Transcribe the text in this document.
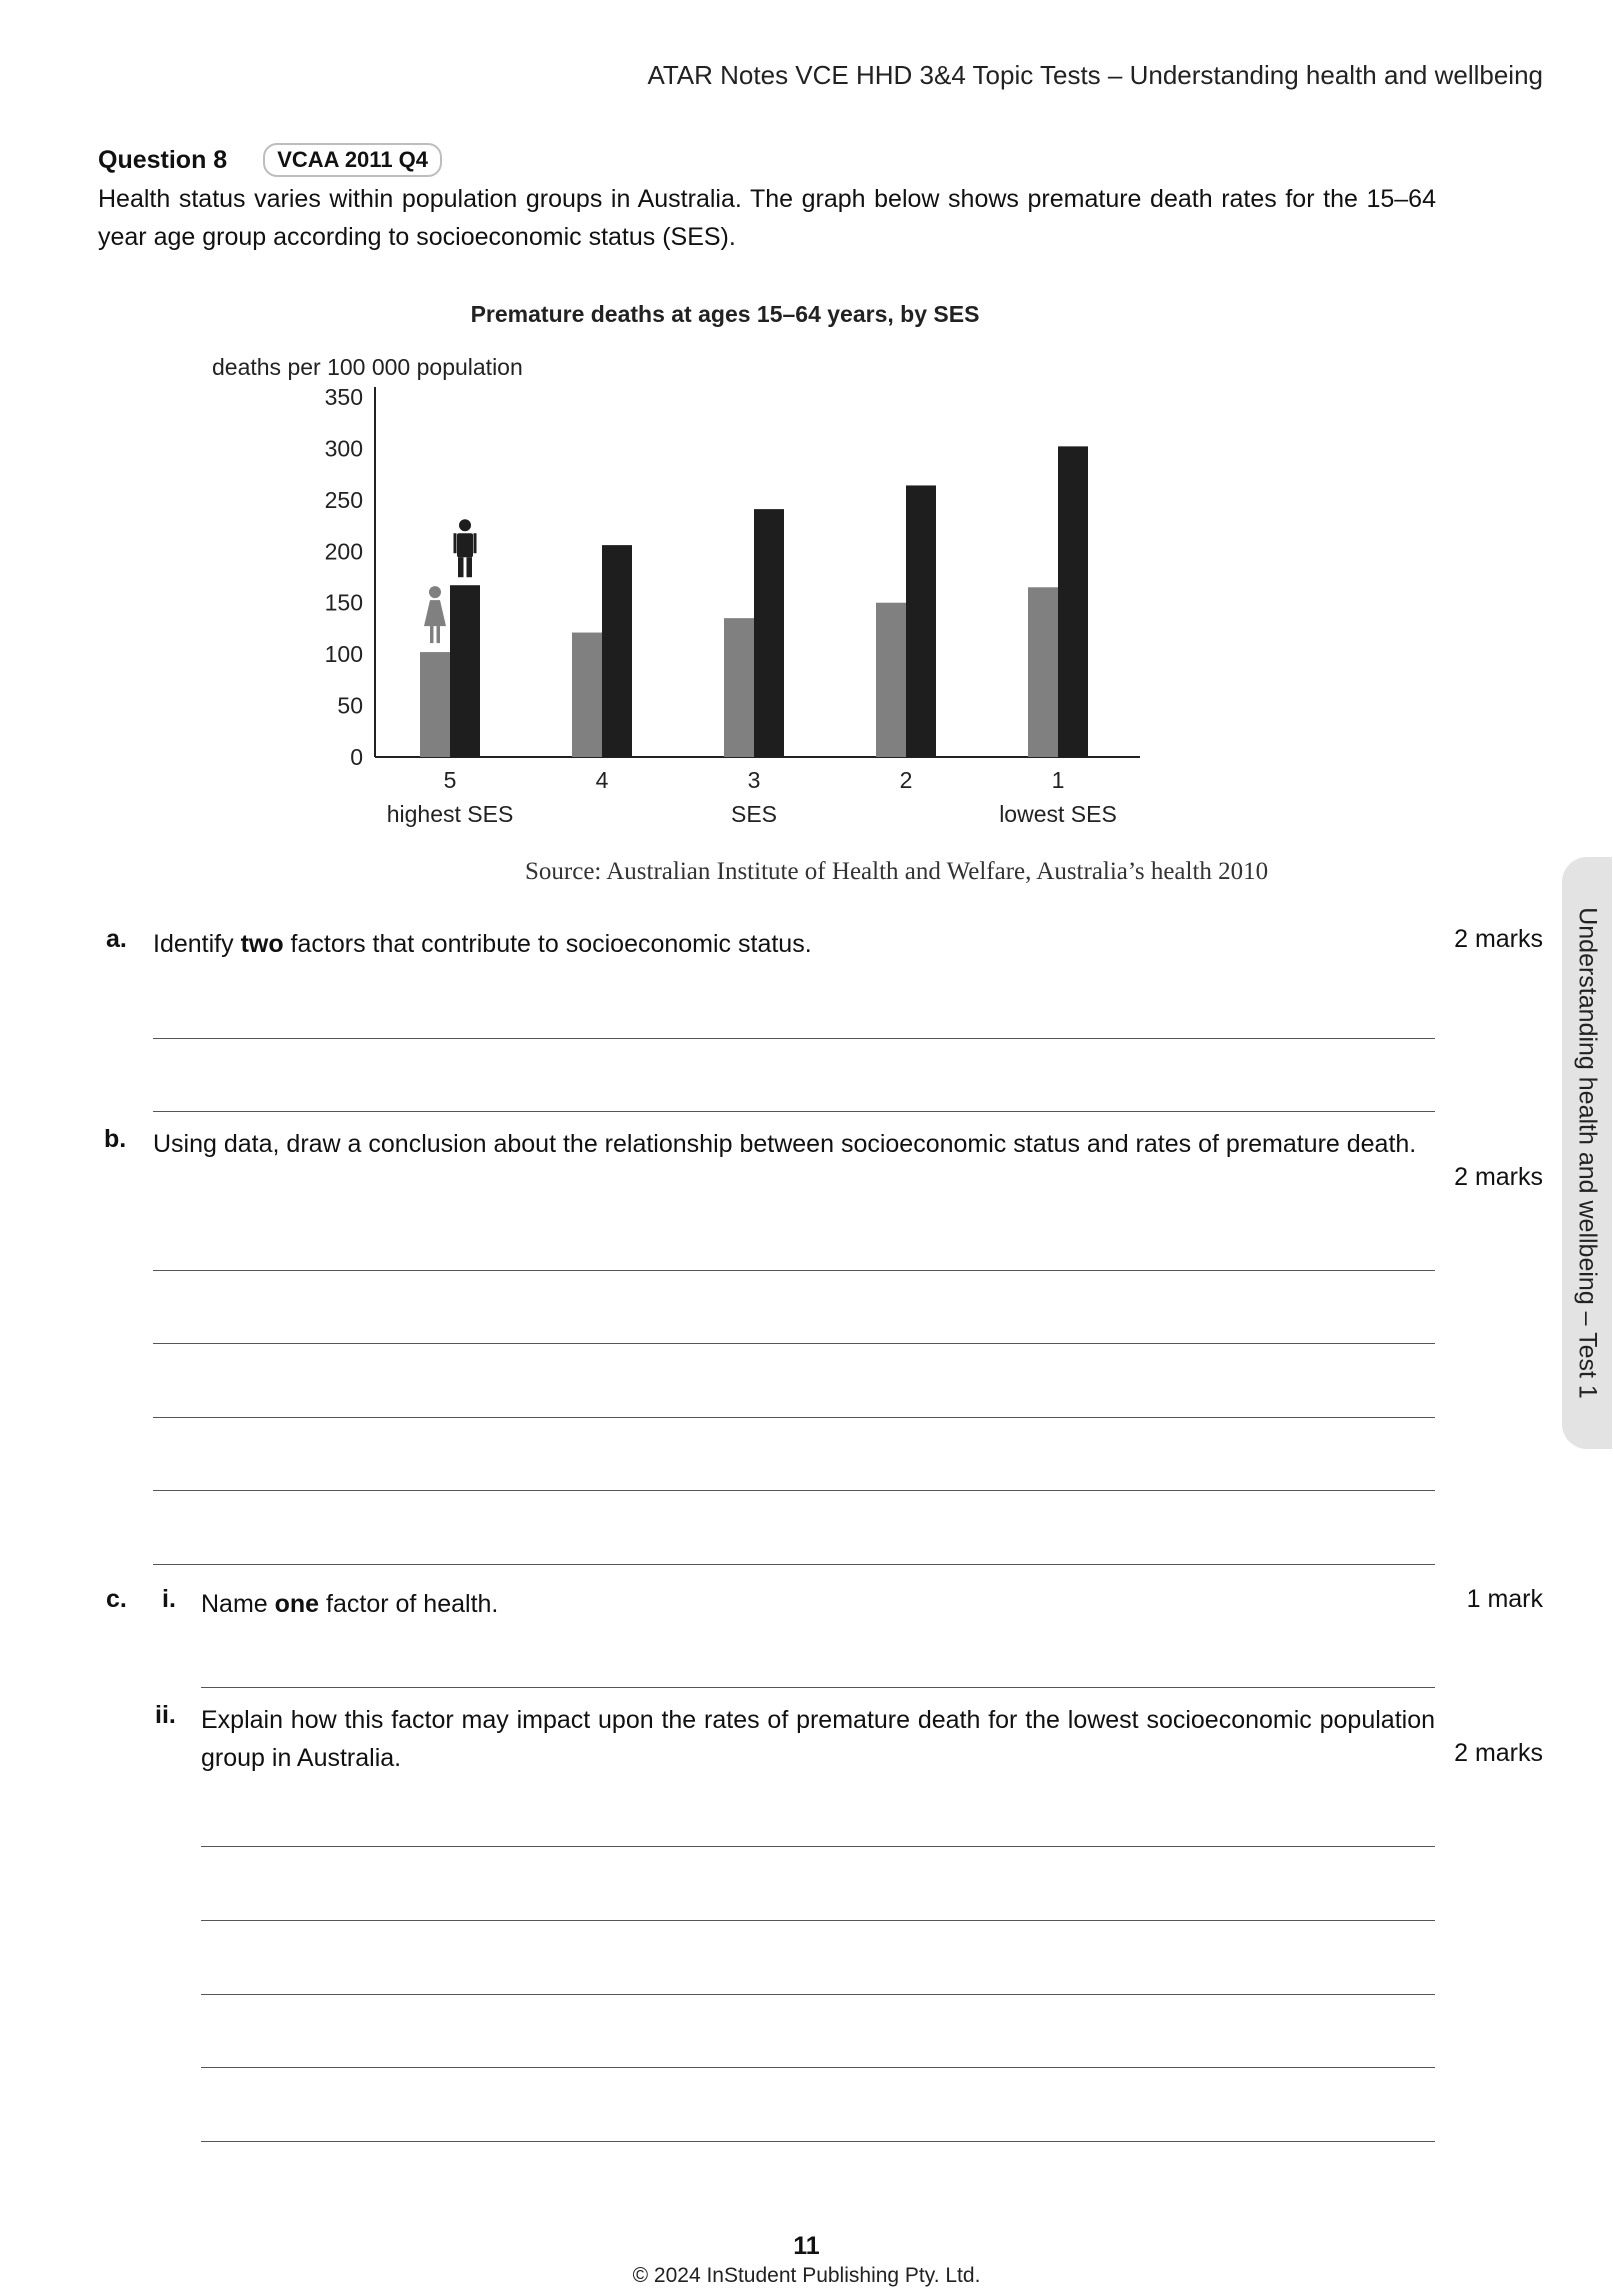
ATAR Notes VCE HHD 3&4 Topic Tests – Understanding health and wellbeing
Question 8	VCAA 2011 Q4
Health status varies within population groups in Australia. The graph below shows premature death rates for the 15–64 year age group according to socioeconomic status (SES).
Premature deaths at ages 15–64 years, by SES
deaths per 100 000 population
0
50
100
150
200
250
300
350
5
highest SES
4	3
SES
2	1
lowest SES
Source: Australian Institute of Health and Welfare, Australia’s health 2010
a. Identify two factors that contribute to socioeconomic status.	2 marks
b. Using data, draw a conclusion about the relationship between socioeconomic status and rates of premature death.
2 marks
c. i. Name one factor of health.	1 mark
ii. Explain how this factor may impact upon the rates of premature death for the lowest socioeconomic population group in Australia.	2 marks
Understanding health and wellbeing – Test 1
11
© 2024 InStudent Publishing Pty. Ltd.
